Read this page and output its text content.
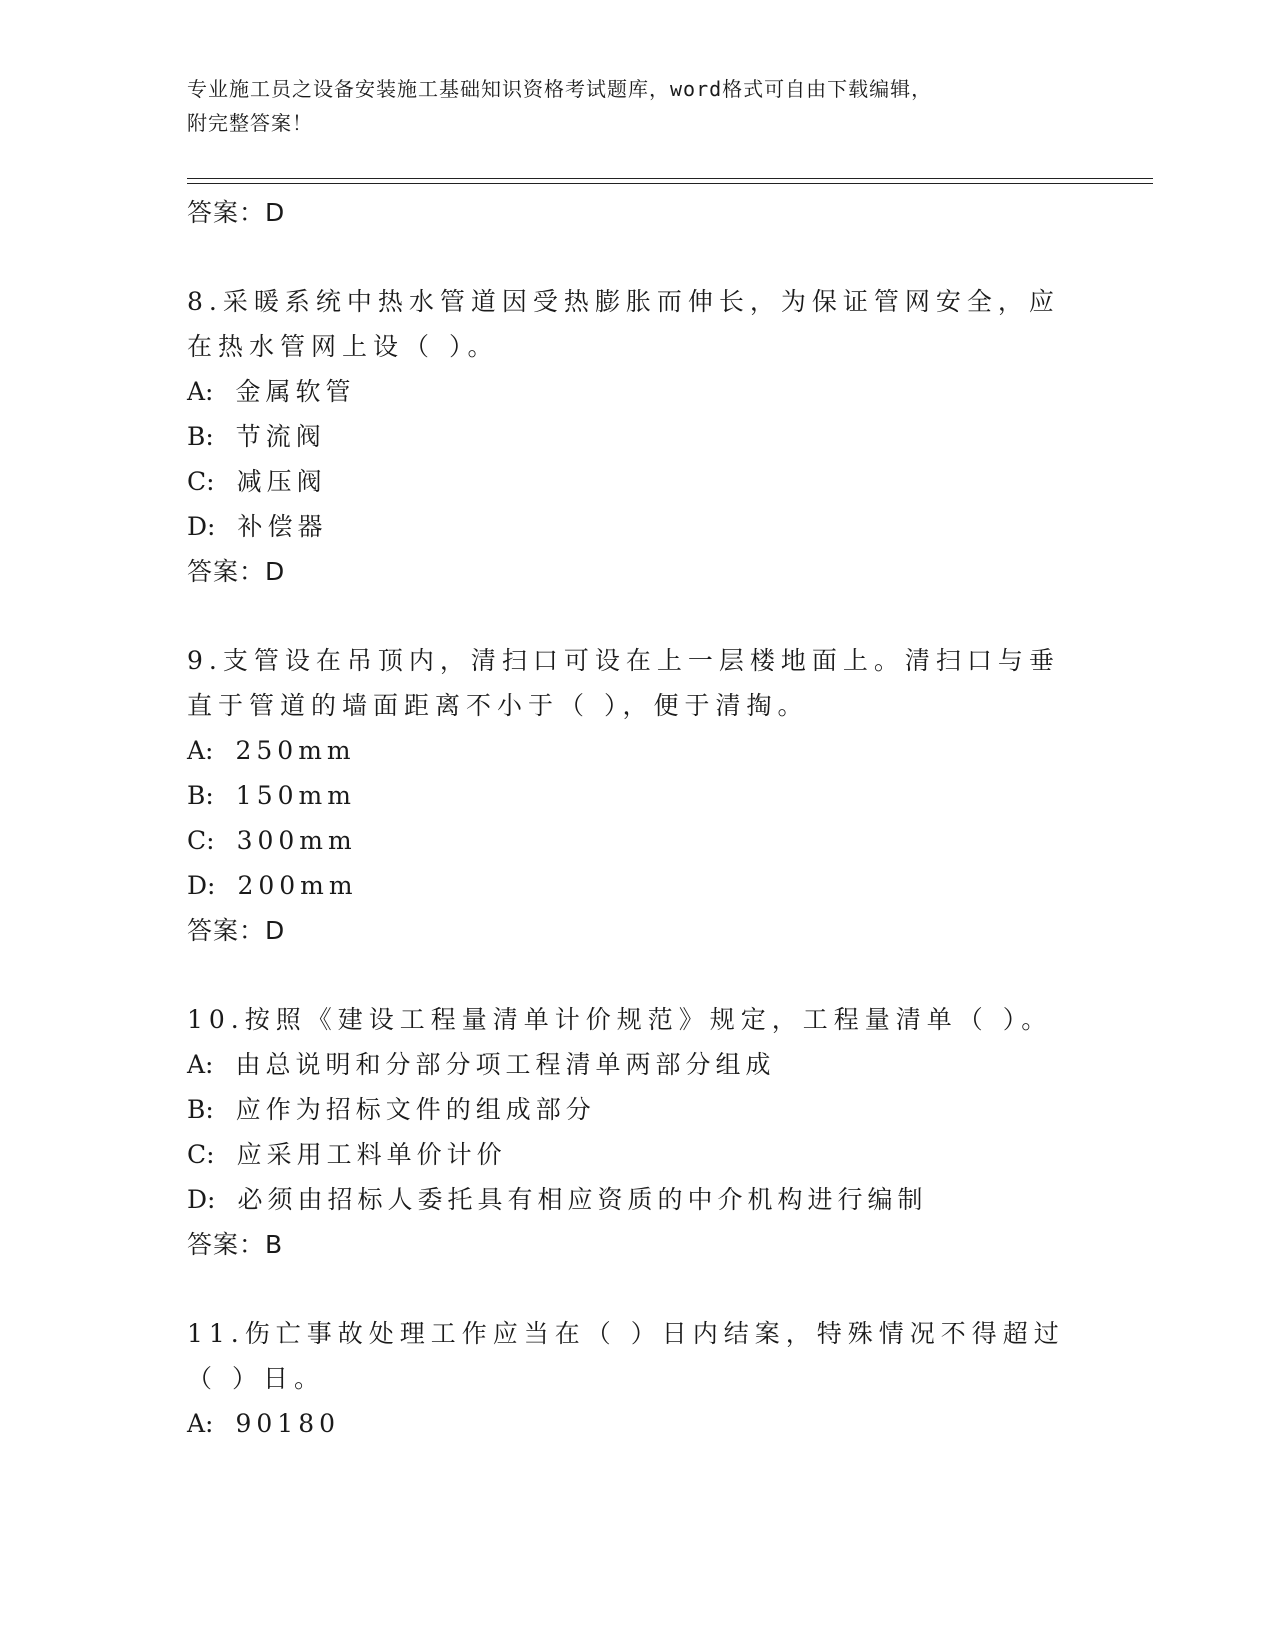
专业施工员之设备安装施工基础知识资格考试题库，word格式可自由下载编辑，
附完整答案！
答案：D
8.采暖系统中热水管道因受热膨胀而伸长，为保证管网安全，应在热水管网上设（ ）。
A: 金属软管
B: 节流阀
C: 减压阀
D: 补偿器
答案：D
9.支管设在吊顶内，清扫口可设在上一层楼地面上。清扫口与垂直于管道的墙面距离不小于（ ），便于清掏。
A: 250mm
B: 150mm
C: 300mm
D: 200mm
答案：D
10.按照《建设工程量清单计价规范》规定，工程量清单（ ）。
A: 由总说明和分部分项工程清单两部分组成
B: 应作为招标文件的组成部分
C: 应采用工料单价计价
D: 必须由招标人委托具有相应资质的中介机构进行编制
答案：B
11.伤亡事故处理工作应当在（ ）日内结案，特殊情况不得超过（ ）日。
A: 90180
